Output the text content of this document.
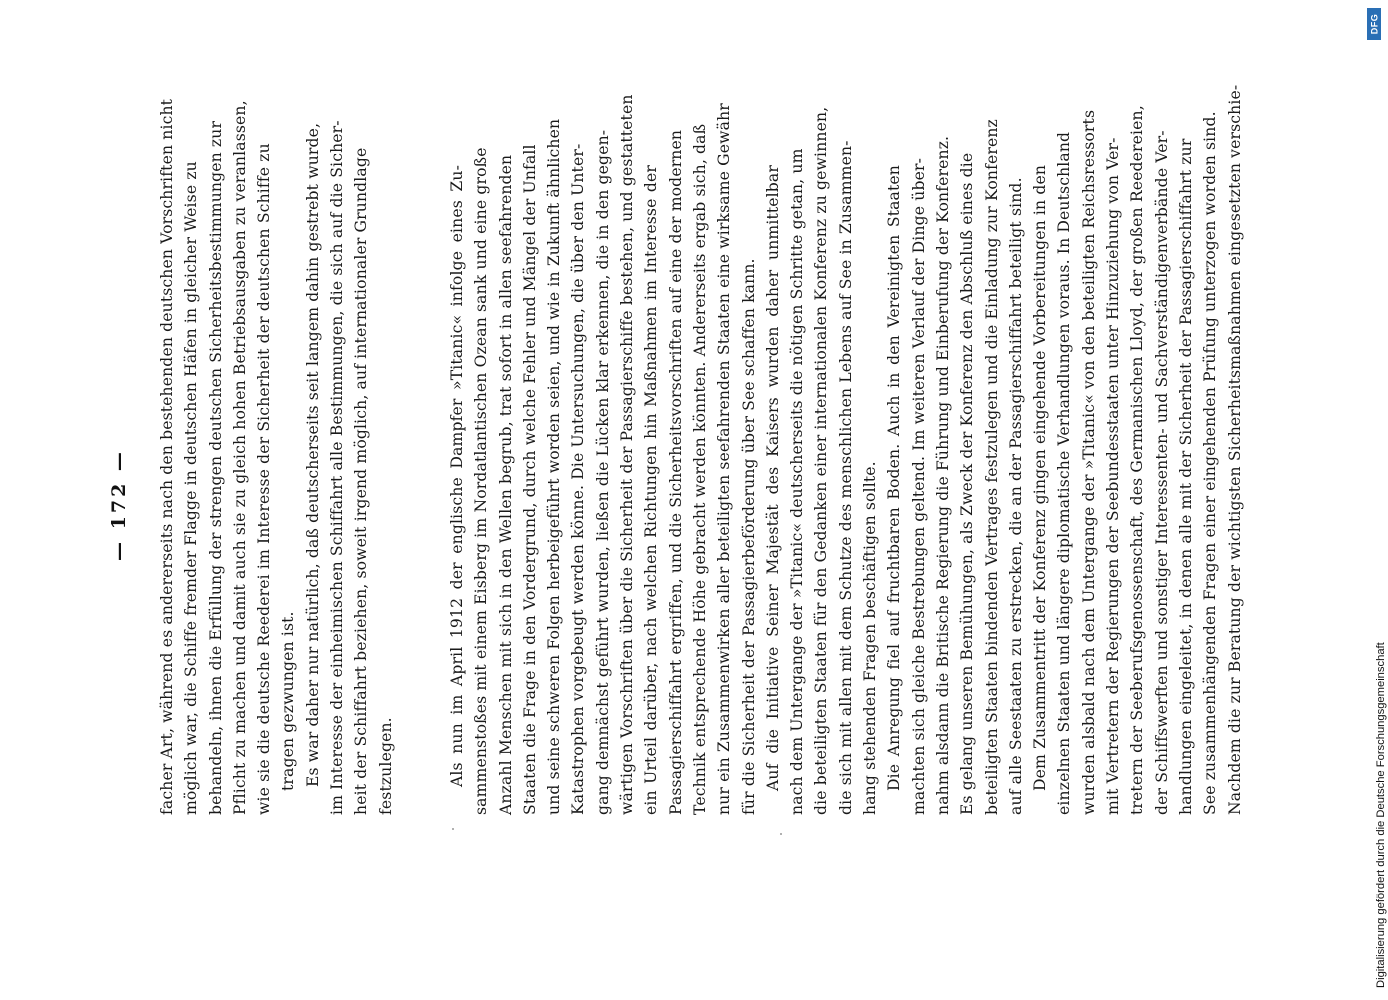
— 172 — facher Art, während es andererseits nach den bestehenden deutschen Vorschriften nicht möglich war, die Schiffe fremder Flagge in deutschen Häfen in gleicher Weise zu behandeln, ihnen die Erfüllung der strengen deutschen Sicherheitsbestimmungen zur Pflicht zu machen und damit auch sie zu gleich hohen Betriebsausgaben zu veranlassen, wie sie die deutsche Reederei im Interesse der Sicherheit der deutschen Schiffe zu tragen gezwungen ist. Es war daher nur natürlich, daß deutscherseits seit langem dahin gestrebt wurde, im Interesse der einheimischen Schiffahrt alle Bestimmungen, die sich auf die Sicher- heit der Schiffahrt beziehen, soweit irgend möglich, auf internationaler Grundlage festzulegen.	Als nun im April 1912 der englische Dampfer »Titanic« infolge eines Zu- sammenstoßes mit einem Eisberg im Nordatlantischen Ozean sank und eine große Anzahl Menschen mit sich in den Wellen begrub, trat sofort in allen seefahrenden Staaten die Frage in den Vordergrund, durch welche Fehler und Mängel der Unfall und seine schweren Folgen herbeigeführt worden seien, und wie in Zukunft ähnlichen Katastrophen vorgebeugt werden könne. Die Untersuchungen, die über den Unter- gang demnächst geführt wurden, ließen die Lücken klar erkennen, die in den gegen- wärtigen Vorschriften über die Sicherheit der Passagierschiffe bestehen, und gestatteten ein Urteil darüber, nach welchen Richtungen hin Maßnahmen im Interesse der Passagierschiffahrt ergriffen, und die Sicherheitsvorschriften auf eine der modernen Technik entsprechende Höhe gebracht werden könnten. Andererseits ergab sich, daß nur ein Zusammenwirken aller beteiligten seefahrenden Staaten eine wirksame Gewähr für die Sicherheit der Passagierbeförderung über See schaffen kann. Auf die Initiative Seiner Majestät des Kaisers wurden daher unmittelbar nach dem Untergange der »Titanic« deutscherseits die nötigen Schritte getan, um die beteiligten Staaten für den Gedanken einer internationalen Konferenz zu gewinnen, die sich mit allen mit dem Schutze des menschlichen Lebens auf See in Zusammen- hang stehenden Fragen beschäftigen sollte. Die Anregung fiel auf fruchtbaren Boden. Auch in den Vereinigten Staaten machten sich gleiche Bestrebungen geltend. Im weiteren Verlauf der Dinge über- nahm alsdann die Britische Regierung die Führung und Einberufung der Konferenz. Es gelang unseren Bemühungen, als Zweck der Konferenz den Abschluß eines die beteiligten Staaten bindenden Vertrages festzulegen und die Einladung zur Konferenz auf alle Seestaaten zu erstrecken, die an der Passagierschiffahrt beteiligt sind. Dem Zusammentritt der Konferenz gingen eingehende Vorbereitungen in den einzelnen Staaten und längere diplomatische Verhandlungen voraus. In Deutschland wurden alsbald nach dem Untergange der »Titanic« von den beteiligten Reichsressorts mit Vertretern der Regierungen der Seebundesstaaten unter Hinzuziehung von Ver- tretern der Seeberufsgenossenschaft, des Germanischen Lloyd, der großen Reedereien, der Schiffswerften und sonstiger Interessenten- und Sachverständigenverbände Ver- handlungen eingeleitet, in denen alle mit der Sicherheit der Passagierschiffahrt zur See zusammenhängenden Fragen einer eingehenden Prüfung unterzogen worden sind. Nachdem die zur Beratung der wichtigsten Sicherheitsmaßnahmen eingesetzten verschie-
DFG
Digitalisierung gefördert durch die Deutsche Forschungsgemeinschaft
